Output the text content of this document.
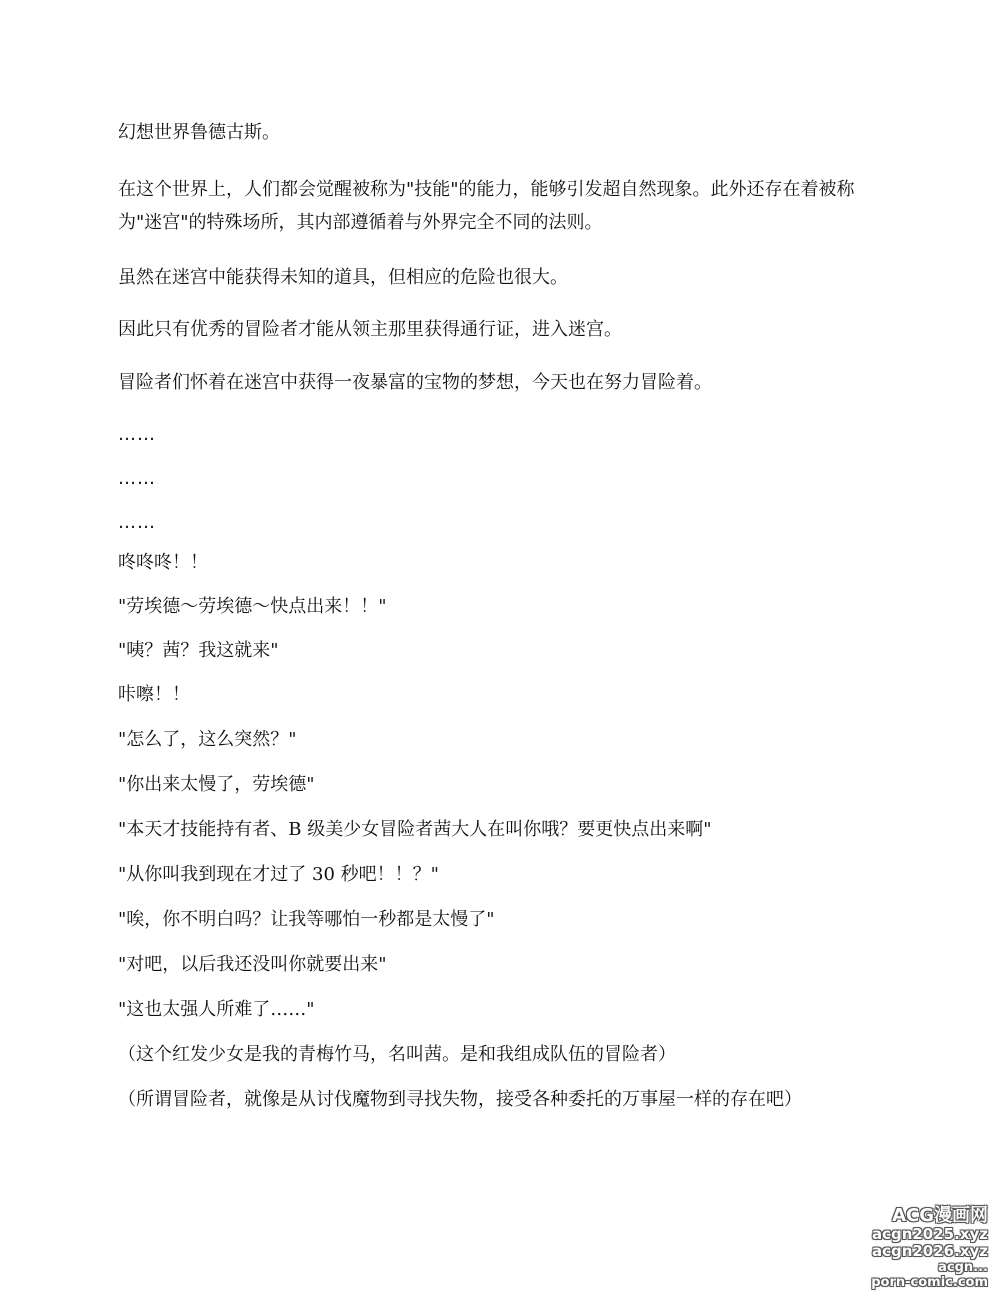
幻想世界鲁德古斯。
在这个世界上，人们都会觉醒被称为"技能"的能力，能够引发超自然现象。此外还存在着被称为"迷宫"的特殊场所，其内部遵循着与外界完全不同的法则。
虽然在迷宫中能获得未知的道具，但相应的危险也很大。
因此只有优秀的冒险者才能从领主那里获得通行证，进入迷宫。
冒险者们怀着在迷宫中获得一夜暴富的宝物的梦想，今天也在努力冒险着。
……
……
……
咚咚咚！！
"劳埃德～劳埃德～快点出来！！"
"咦？茜？我这就来"
咔嚓！！
"怎么了，这么突然？"
"你出来太慢了，劳埃德"
"本天才技能持有者、B 级美少女冒险者茜大人在叫你哦？要更快点出来啊"
"从你叫我到现在才过了 30 秒吧！！？"
"唉，你不明白吗？让我等哪怕一秒都是太慢了"
"对吧，以后我还没叫你就要出来"
"这也太强人所难了……"
（这个红发少女是我的青梅竹马，名叫茜。是和我组成队伍的冒险者）
（所谓冒险者，就像是从讨伐魔物到寻找失物，接受各种委托的万事屋一样的存在吧）
ACG漫画网
acgn2025.xyz
acgn2026.xyz
acgn...
porn-comic.com
